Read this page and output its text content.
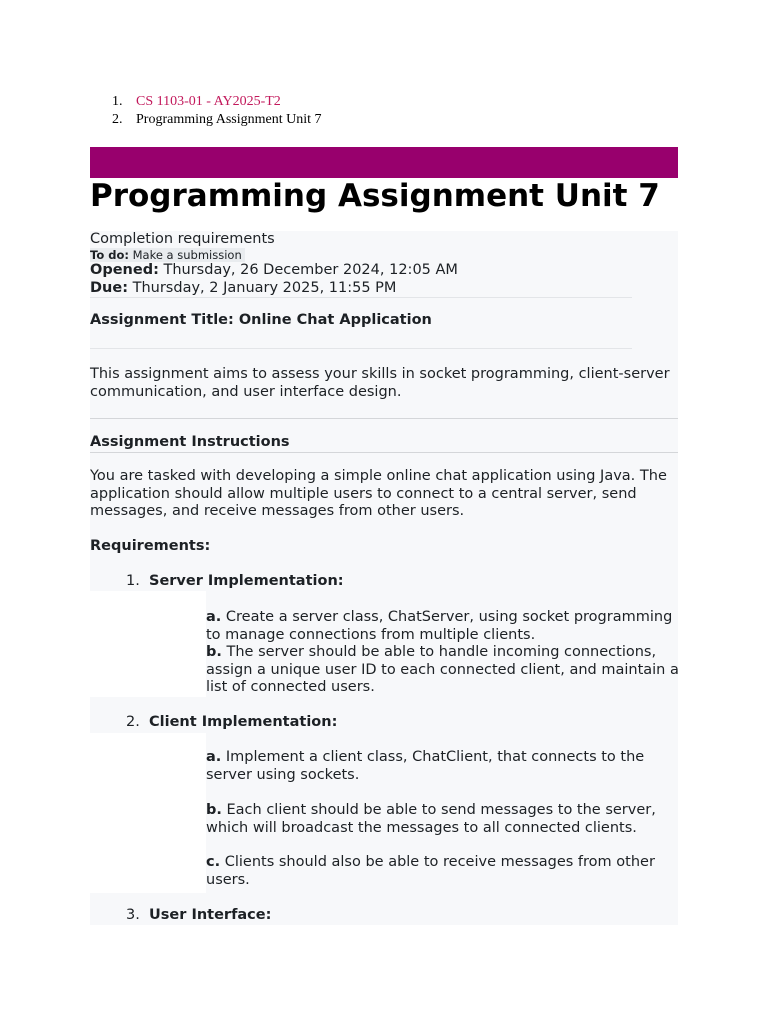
1. CS 1103-01 - AY2025-T2
2. Programming Assignment Unit 7
Programming Assignment Unit 7
Completion requirements
To do: Make a submission
Opened: Thursday, 26 December 2024, 12:05 AM
Due: Thursday, 2 January 2025, 11:55 PM
Assignment Title: Online Chat Application
This assignment aims to assess your skills in socket programming, client-server communication, and user interface design.
Assignment Instructions
You are tasked with developing a simple online chat application using Java. The application should allow multiple users to connect to a central server, send messages, and receive messages from other users.
Requirements:
1. Server Implementation:
a. Create a server class, ChatServer, using socket programming to manage connections from multiple clients.
b. The server should be able to handle incoming connections, assign a unique user ID to each connected client, and maintain a list of connected users.
2. Client Implementation:
a. Implement a client class, ChatClient, that connects to the server using sockets.
b. Each client should be able to send messages to the server, which will broadcast the messages to all connected clients.
c. Clients should also be able to receive messages from other users.
3. User Interface:
